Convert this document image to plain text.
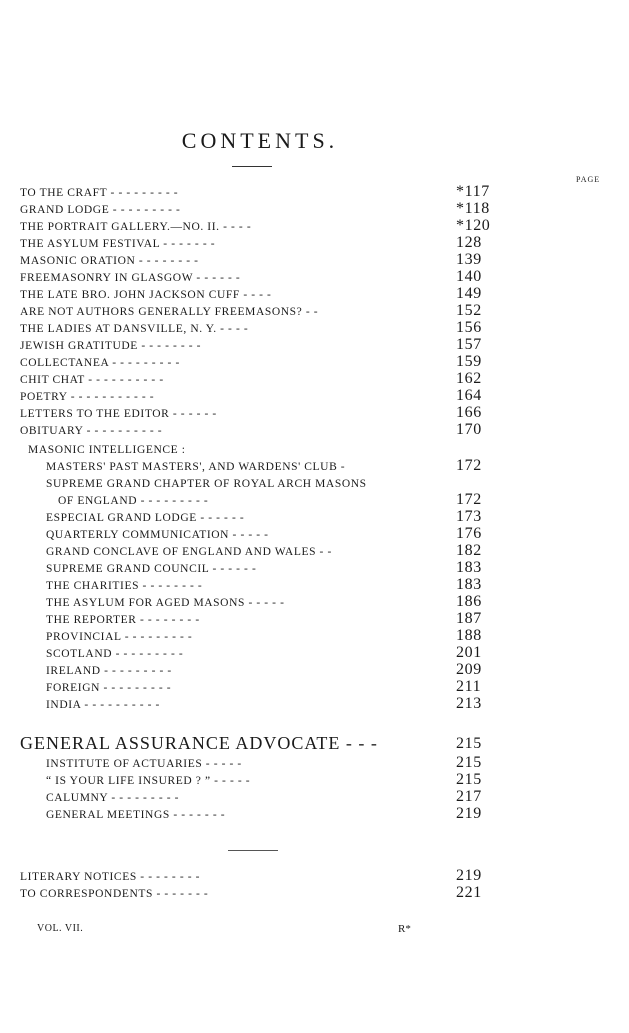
CONTENTS.
PAGE
TO THE CRAFT - - - - - - - - -	*117
GRAND LODGE - - - - - - - - -	*118
THE PORTRAIT GALLERY.—NO. II. - - - -	*120
THE ASYLUM FESTIVAL - - - - - - -	128
MASONIC ORATION - - - - - - - -	139
FREEMASONRY IN GLASGOW - - - - - -	140
THE LATE BRO. JOHN JACKSON CUFF - - - -	149
ARE NOT AUTHORS GENERALLY FREEMASONS? - -	152
THE LADIES AT DANSVILLE, N. Y. - - - -	156
JEWISH GRATITUDE - - - - - - - -	157
COLLECTANEA - - - - - - - - -	159
CHIT CHAT - - - - - - - - - -	162
POETRY - - - - - - - - - - -	164
LETTERS TO THE EDITOR - - - - - -	166
OBITUARY - - - - - - - - - -	170
MASONIC INTELLIGENCE :
MASTERS' PAST MASTERS', AND WARDENS' CLUB -	172
SUPREME GRAND CHAPTER OF ROYAL ARCH MASONS
OF ENGLAND - - - - - - - - -	172
ESPECIAL GRAND LODGE - - - - - -	173
QUARTERLY COMMUNICATION - - - - -	176
GRAND CONCLAVE OF ENGLAND AND WALES - -	182
SUPREME GRAND COUNCIL - - - - - -	183
THE CHARITIES - - - - - - - -	183
THE ASYLUM FOR AGED MASONS - - - - -	186
THE REPORTER - - - - - - - -	187
PROVINCIAL - - - - - - - - -	188
SCOTLAND - - - - - - - - -	201
IRELAND - - - - - - - - -	209
FOREIGN - - - - - - - - -	211
INDIA - - - - - - - - - -	213
GENERAL ASSURANCE ADVOCATE - - -	215
INSTITUTE OF ACTUARIES - - - - -	215
“ IS YOUR LIFE INSURED ? ” - - - - -	215
CALUMNY - - - - - - - - -	217
GENERAL MEETINGS - - - - - - -	219
LITERARY NOTICES - - - - - - - -	219
TO CORRESPONDENTS - - - - - - -	221
VOL. VII.	R*
